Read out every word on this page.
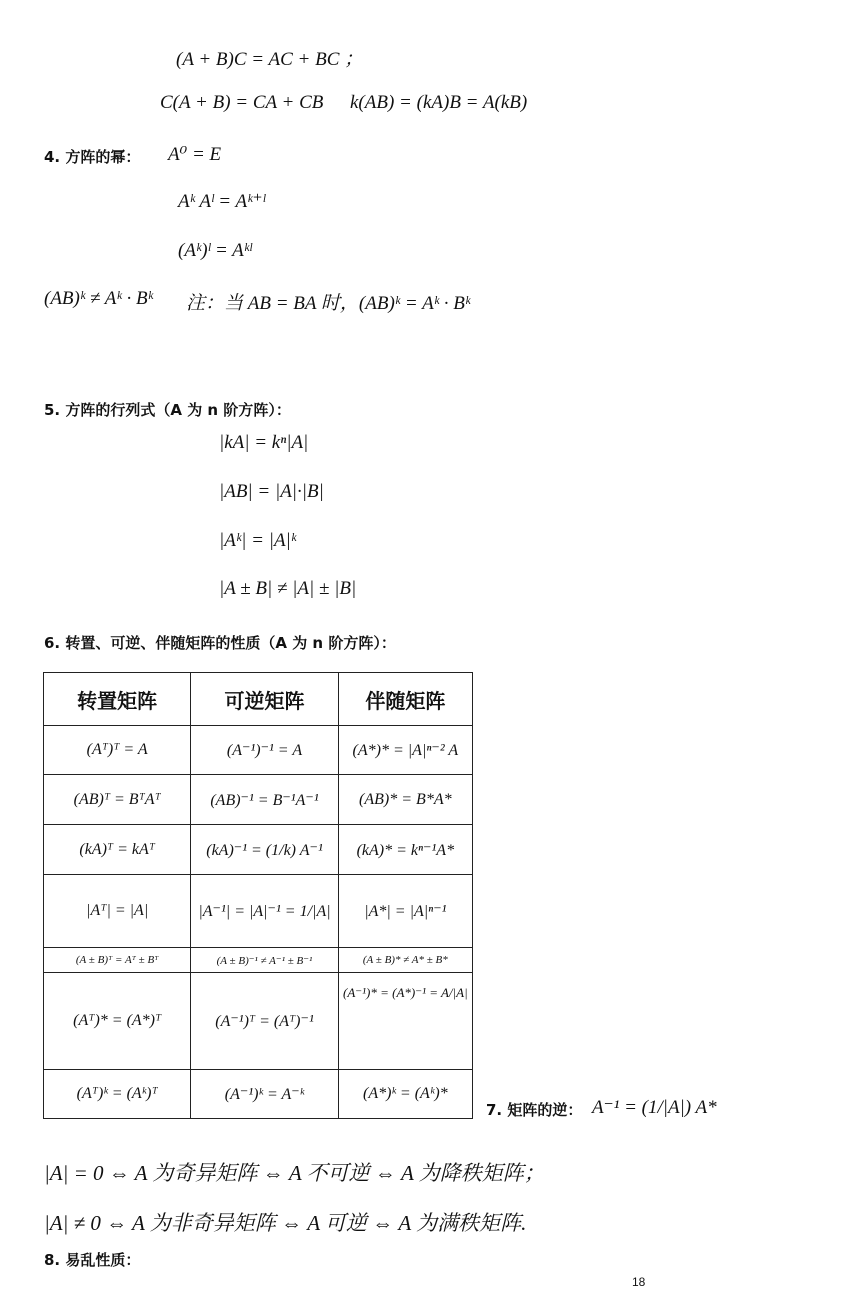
(A + B)C = AC + BC ；
C(A + B) = CA + CB k(AB) = (kA)B = A(kB)
4. 方阵的幂： A⁰ = E
Aᵏ Aˡ = Aᵏ⁺ˡ
(Aᵏ)ˡ = Aᵏˡ
(AB)ᵏ ≠ Aᵏ · Bᵏ 注：当 AB = BA 时，(AB)ᵏ = Aᵏ · Bᵏ
5. 方阵的行列式（A 为 n 阶方阵）：
|kA| = kⁿ|A|
|AB| = |A|·|B|
|Aᵏ| = |A|ᵏ
|A ± B| ≠ |A| ± |B|
6. 转置、可逆、伴随矩阵的性质（A 为 n 阶方阵）：
转置矩阵	可逆矩阵	伴随矩阵
(Aᵀ)ᵀ = A	(A⁻¹)⁻¹ = A	(A*)* = |A|ⁿ⁻² A
(AB)ᵀ = BᵀAᵀ	(AB)⁻¹ = B⁻¹A⁻¹	(AB)* = B*A*
(kA)ᵀ = kAᵀ	(kA)⁻¹ = (1/k) A⁻¹	(kA)* = kⁿ⁻¹A*
|Aᵀ| = |A|	|A⁻¹| = |A|⁻¹ = 1/|A|	|A*| = |A|ⁿ⁻¹
(A ± B)ᵀ = Aᵀ ± Bᵀ	(A ± B)⁻¹ ≠ A⁻¹ ± B⁻¹	(A ± B)* ≠ A* ± B*
(Aᵀ)* = (A*)ᵀ	(A⁻¹)ᵀ = (Aᵀ)⁻¹	(A⁻¹)* = (A*)⁻¹ = A/|A|
(Aᵀ)ᵏ = (Aᵏ)ᵀ	(A⁻¹)ᵏ = A⁻ᵏ	(A*)ᵏ = (Aᵏ)*
7. 矩阵的逆： A⁻¹ = (1/|A|) A*
|A| = 0 ⇔ A 为奇异矩阵 ⇔ A 不可逆 ⇔ A 为降秩矩阵；
|A| ≠ 0 ⇔ A 为非奇异矩阵 ⇔ A 可逆 ⇔ A 为满秩矩阵.
8. 易乱性质：
18
